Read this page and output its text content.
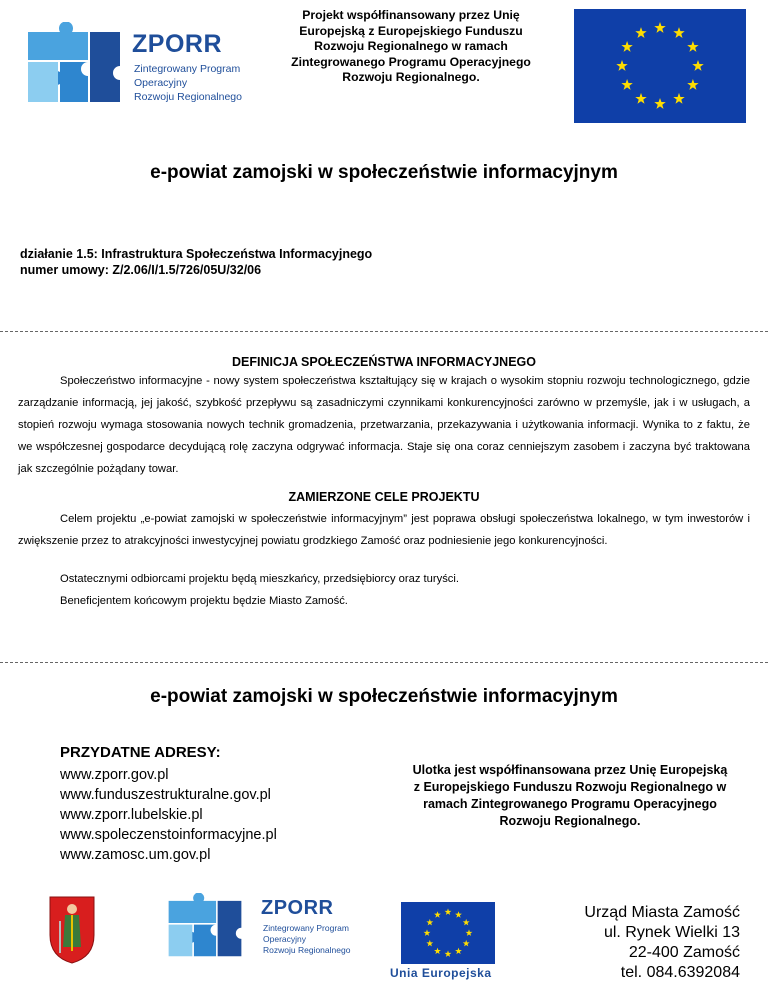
ZPORR
Zintegrowany Program
Operacyjny
Rozwoju Regionalnego
Projekt współfinansowany przez Unię Europejską z Europejskiego Funduszu Rozwoju Regionalnego w ramach Zintegrowanego Programu Operacyjnego Rozwoju Regionalnego.
e-powiat zamojski w społeczeństwie informacyjnym
działanie 1.5: Infrastruktura Społeczeństwa Informacyjnego
numer umowy: Z/2.06/I/1.5/726/05U/32/06
DEFINICJA SPOŁECZEŃSTWA INFORMACYJNEGO

Społeczeństwo informacyjne - nowy system społeczeństwa kształtujący się w krajach o wysokim stopniu rozwoju technologicznego, gdzie zarządzanie informacją, jej jakość, szybkość przepływu są zasadniczymi czynnikami konkurencyjności zarówno w przemyśle, jak i w usługach, a stopień rozwoju wymaga stosowania nowych technik gromadzenia, przetwarzania, przekazywania i użytkowania informacji. Wynika to z faktu, że we współczesnej gospodarce decydującą rolę zaczyna odgrywać informacja. Staje się ona coraz cenniejszym zasobem i zaczyna być traktowana jak szczególnie pożądany towar.

ZAMIERZONE CELE PROJEKTU

Celem projektu „e-powiat zamojski w społeczeństwie informacyjnym” jest poprawa obsługi społeczeństwa lokalnego, w tym inwestorów i zwiększenie przez to atrakcyjności inwestycyjnej powiatu grodzkiego Zamość oraz podniesienie jego konkurencyjności.

Ostatecznymi odbiorcami projektu będą mieszkańcy, przedsiębiorcy oraz turyści.
Beneficjentem końcowym projektu będzie Miasto Zamość.
e-powiat zamojski w społeczeństwie informacyjnym
PRZYDATNE ADRESY:
www.zporr.gov.pl
www.funduszestrukturalne.gov.pl
www.zporr.lubelskie.pl
www.spoleczenstoinformacyjne.pl
www.zamosc.um.gov.pl
Ulotka jest współfinansowana przez Unię Europejską z Europejskiego Funduszu Rozwoju Regionalnego w ramach Zintegrowanego Programu Operacyjnego Rozwoju Regionalnego.
ZPORR
Zintegrowany Program
Operacyjny
Rozwoju Regionalnego
Unia Europejska
Urząd Miasta Zamość
ul. Rynek Wielki 13
22-400 Zamość
tel. 084.6392084
